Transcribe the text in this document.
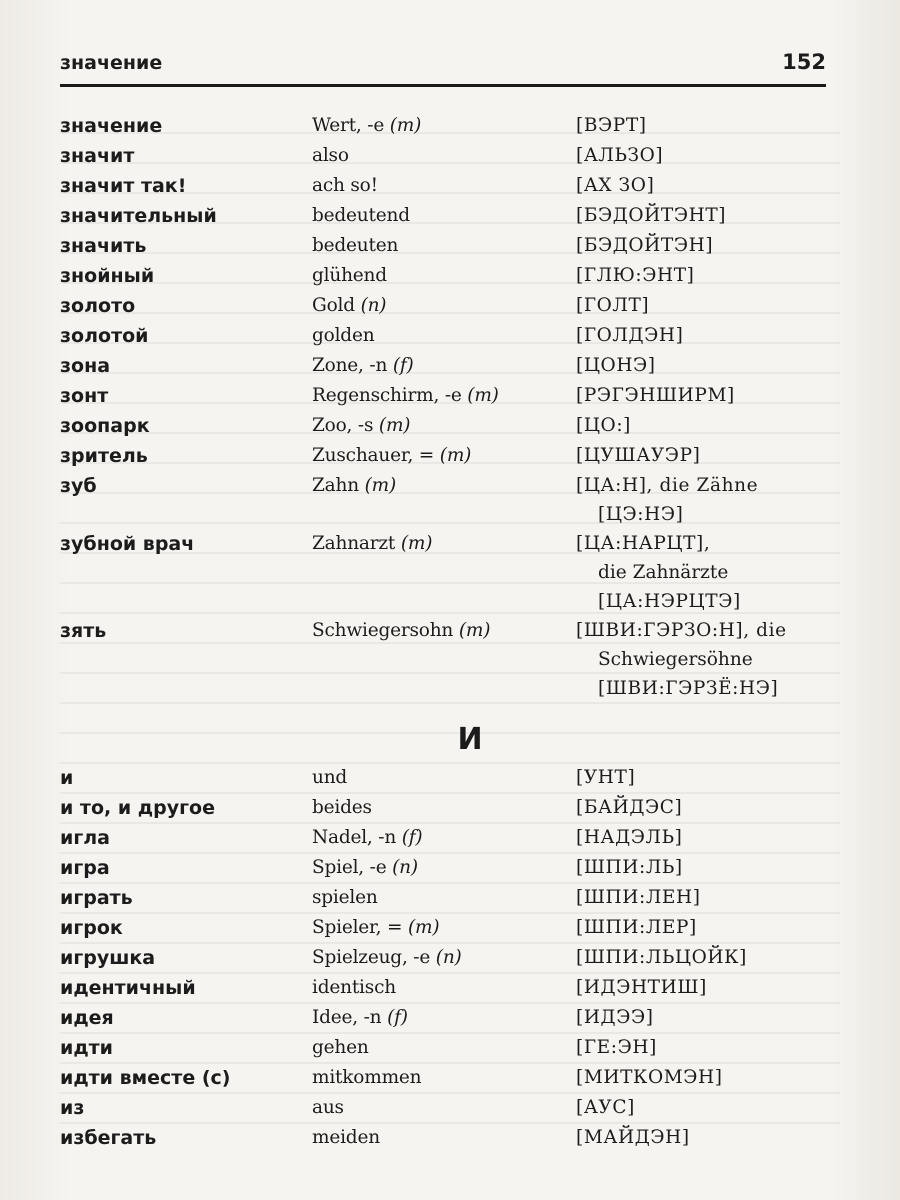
значение	152
значение	Wert, -e (m)	[ВЭРТ]
значит	also	[АЛЬЗО]
значит так!	ach so!	[АХ ЗО]
значительный	bedeutend	[БЭДОЙТЭНТ]
значить	bedeuten	[БЭДОЙТЭН]
знойный	glühend	[ГЛЮ:ЭНТ]
золото	Gold (n)	[ГОЛТ]
золотой	golden	[ГОЛДЭН]
зона	Zone, -n (f)	[ЦОНЭ]
зонт	Regenschirm, -e (m)	[РЭГЭНШИРМ]
зоопарк	Zoo, -s (m)	[ЦО:]
зритель	Zuschauer, = (m)	[ЦУШАУЭР]
зуб	Zahn (m)	[ЦА:Н], die Zähne
[ЦЭ:НЭ]
зубной врач	Zahnarzt (m)	[ЦА:НАРЦТ],
die Zahnärzte
[ЦА:НЭРЦТЭ]
зять	Schwiegersohn (m)	[ШВИ:ГЭРЗО:Н], die
Schwiegersöhne
[ШВИ:ГЭРЗЁ:НЭ]
И
и	und	[УНТ]
и то, и другое	beides	[БАЙДЭС]
игла	Nadel, -n (f)	[НАДЭЛЬ]
игра	Spiel, -e (n)	[ШПИ:ЛЬ]
играть	spielen	[ШПИ:ЛЕН]
игрок	Spieler, = (m)	[ШПИ:ЛЕР]
игрушка	Spielzeug, -e (n)	[ШПИ:ЛЬЦОЙК]
идентичный	identisch	[ИДЭНТИШ]
идея	Idee, -n (f)	[ИДЭЭ]
идти	gehen	[ГЕ:ЭН]
идти вместе (с)	mitkommen	[МИТКОМЭН]
из	aus	[АУС]
избегать	meiden	[МАЙДЭН]
